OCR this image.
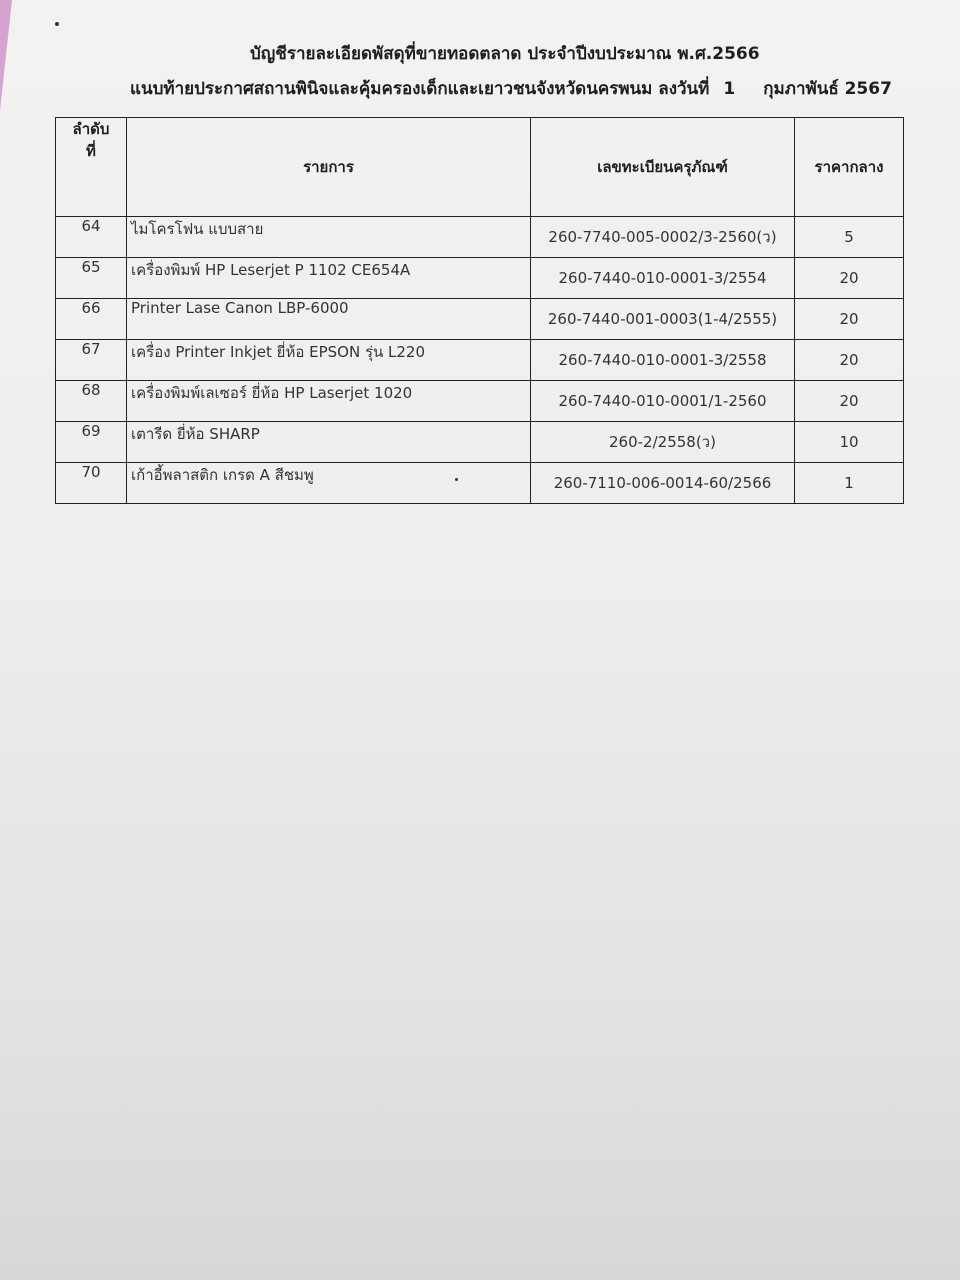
บัญชีรายละเอียดพัสดุที่ขายทอดตลาด ประจำปีงบประมาณ พ.ศ.2566
แนบท้ายประกาศสถานพินิจและคุ้มครองเด็กและเยาวชนจังหวัดนครพนม ลงวันที่ 1 กุมภาพันธ์ 2567
ลำดับ
ที่	รายการ	เลขทะเบียนครุภัณฑ์	ราคากลาง
64	ไมโครโฟน แบบสาย	260-7740-005-0002/3-2560(ว)	5
65	เครื่องพิมพ์ HP Leserjet P 1102 CE654A	260-7440-010-0001-3/2554	20
66	Printer Lase Canon LBP-6000	260-7440-001-0003(1-4/2555)	20
67	เครื่อง Printer Inkjet ยี่ห้อ EPSON รุ่น L220	260-7440-010-0001-3/2558	20
68	เครื่องพิมพ์เลเซอร์ ยี่ห้อ HP Laserjet 1020	260-7440-010-0001/1-2560	20
69	เตารีด ยี่ห้อ SHARP	260-2/2558(ว)	10
70	เก้าอี้พลาสติก เกรด A สีชมพู	260-7110-006-0014-60/2566	1
